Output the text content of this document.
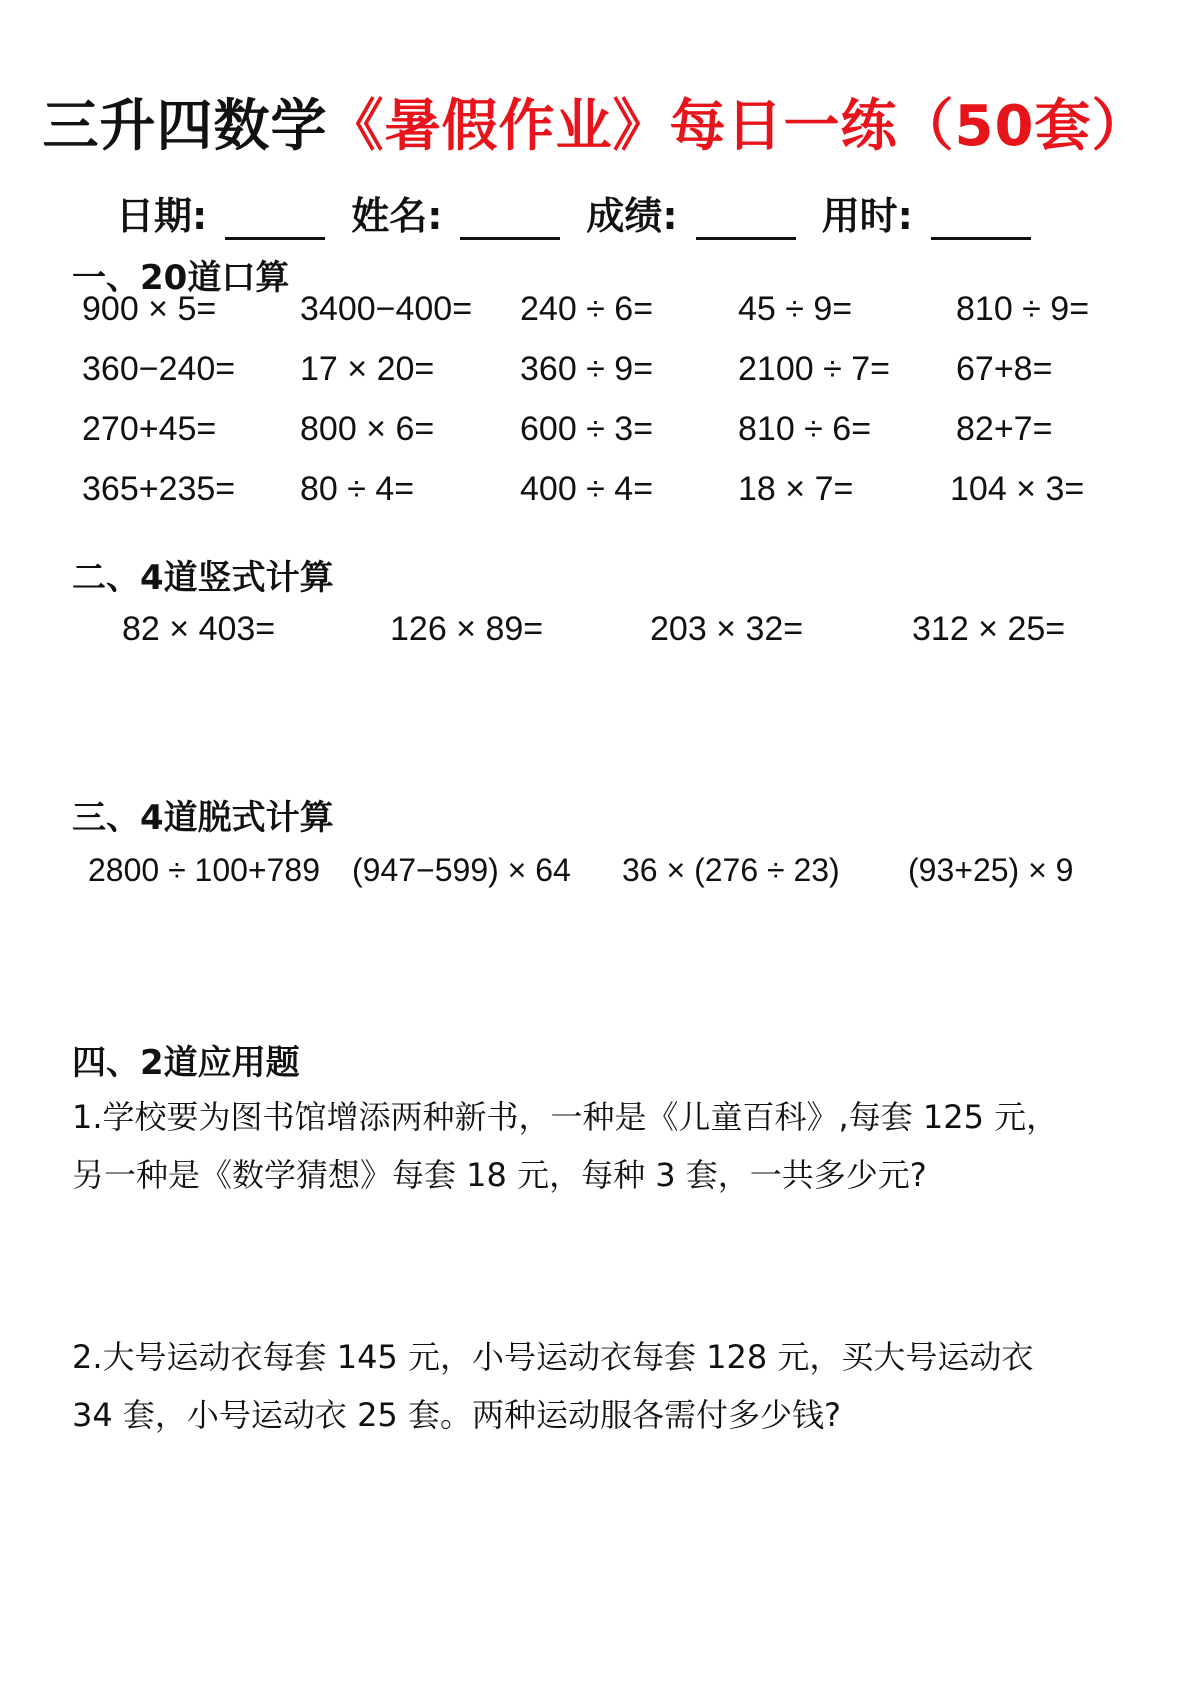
三升四数学《暑假作业》每日一练（50套）
日期:	姓名:	成绩:	用时:
一、20道口算
900 × 5= 3400−400= 240 ÷ 6= 45 ÷ 9=	810 ÷ 9=
360−240= 17 × 20=	360 ÷ 9= 2100 ÷ 7= 67+8=
270+45= 800 × 6=	600 ÷ 3= 810 ÷ 6= 82+7=
365+235= 80 ÷ 4=	400 ÷ 4= 18 × 7=	104 × 3=
二、4道竖式计算
82 × 403=	126 × 89=	203 × 32=	312 × 25=
三、4道脱式计算
2800 ÷ 100+789 (947−599) × 64 36 × (276 ÷ 23) (93+25) × 9
四、2道应用题
1.学校要为图书馆增添两种新书，一种是《儿童百科》,每套 125 元，
另一种是《数学猜想》每套 18 元，每种 3 套，一共多少元?
2.大号运动衣每套 145 元，小号运动衣每套 128 元，买大号运动衣
34 套，小号运动衣 25 套。两种运动服各需付多少钱?
